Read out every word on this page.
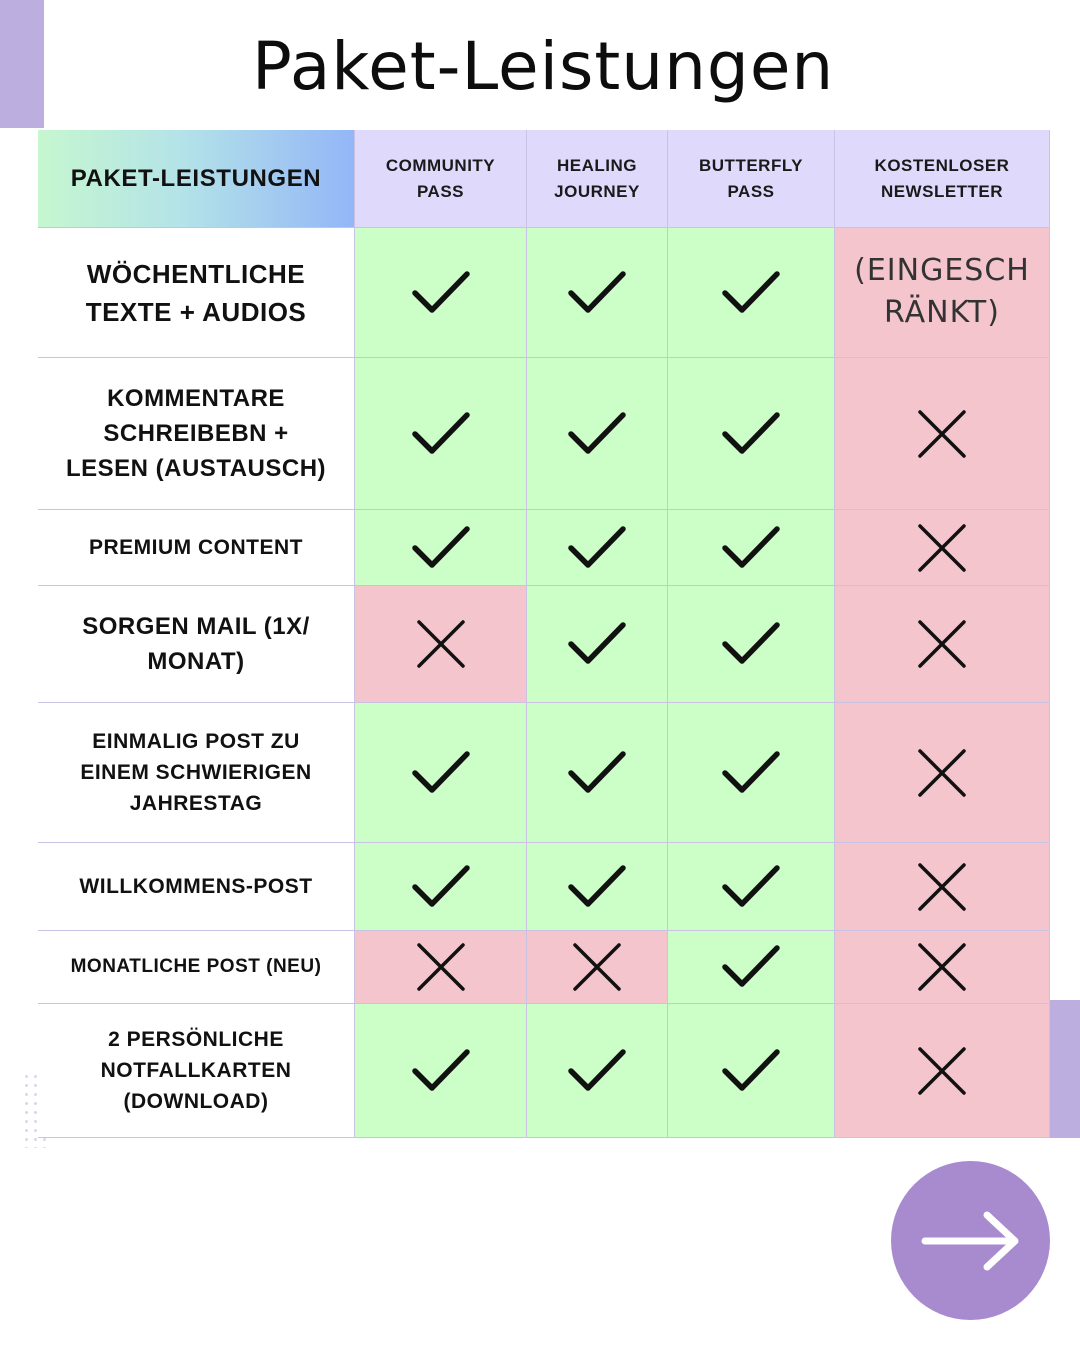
Paket-Leistungen
PAKET-LEISTUNGEN	COMMUNITY
PASS
HEALING
JOURNEY
BUTTERFLY
PASS
KOSTENLOSER
NEWSLETTER
WÖCHENTLICHE
TEXTE + AUDIOS
(EINGESCH
RÄNKT)
KOMMENTARE
SCHREIBEBN +
LESEN (AUSTAUSCH)
PREMIUM CONTENT
SORGEN MAIL (1X/
MONAT)
EINMALIG POST ZU
EINEM SCHWIERIGEN
JAHRESTAG
WILLKOMMENS-POST
MONATLICHE POST (NEU)
2 PERSÖNLICHE
NOTFALLKARTEN
(DOWNLOAD)
